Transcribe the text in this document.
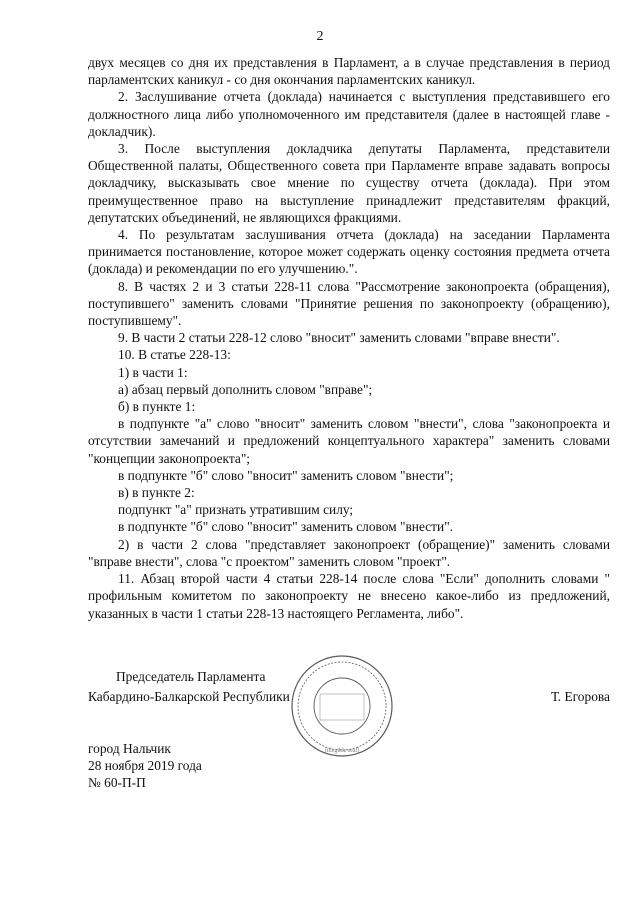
2

двух месяцев со дня их представления в Парламент, а в случае представления в период парламентских каникул - со дня окончания парламентских каникул.

2. Заслушивание отчета (доклада) начинается с выступления представившего его должностного лица либо уполномоченного им представителя (далее в настоящей главе - докладчик).

3. После выступления докладчика депутаты Парламента, представители Общественной палаты, Общественного совета при Парламенте вправе задавать вопросы докладчику, высказывать свое мнение по существу отчета (доклада). При этом преимущественное право на выступление принадлежит представителям фракций, депутатских объединений, не являющихся фракциями.

4. По результатам заслушивания отчета (доклада) на заседании Парламента принимается постановление, которое может содержать оценку состояния предмета отчета (доклада) и рекомендации по его улучшению.".

8. В частях 2 и 3 статьи 228-11 слова "Рассмотрение законопроекта (обращения), поступившего" заменить словами "Принятие решения по законопроекту (обращению), поступившему".

9. В части 2 статьи 228-12 слово "вносит" заменить словами "вправе внести".

10. В статье 228-13:

1) в части 1:

а) абзац первый дополнить словом "вправе";

б) в пункте 1:

в подпункте "а" слово "вносит" заменить словом "внести", слова "законопроекта и отсутствии замечаний и предложений концептуального характера" заменить словами "концепции законопроекта";

в подпункте "б" слово "вносит" заменить словом "внести";

в) в пункте 2:

подпункт "а" признать утратившим силу;

в подпункте "б" слово "вносит" заменить словом "внести".

2) в части 2 слова "представляет законопроект (обращение)" заменить словами "вправе внести", слова "с проектом" заменить словом "проект".

11. Абзац второй части 4 статьи 228-14 после слова "Если" дополнить словами " профильным комитетом по законопроекту не внесено какое-либо из предложений, указанных в части 1 статьи 228-13 настоящего Регламента, либо".

Председатель Парламента
Кабардино-Балкарской Республики	Т. Егорова
[illegible seal]
город Нальчик
28 ноября 2019 года
№ 60-П-П
